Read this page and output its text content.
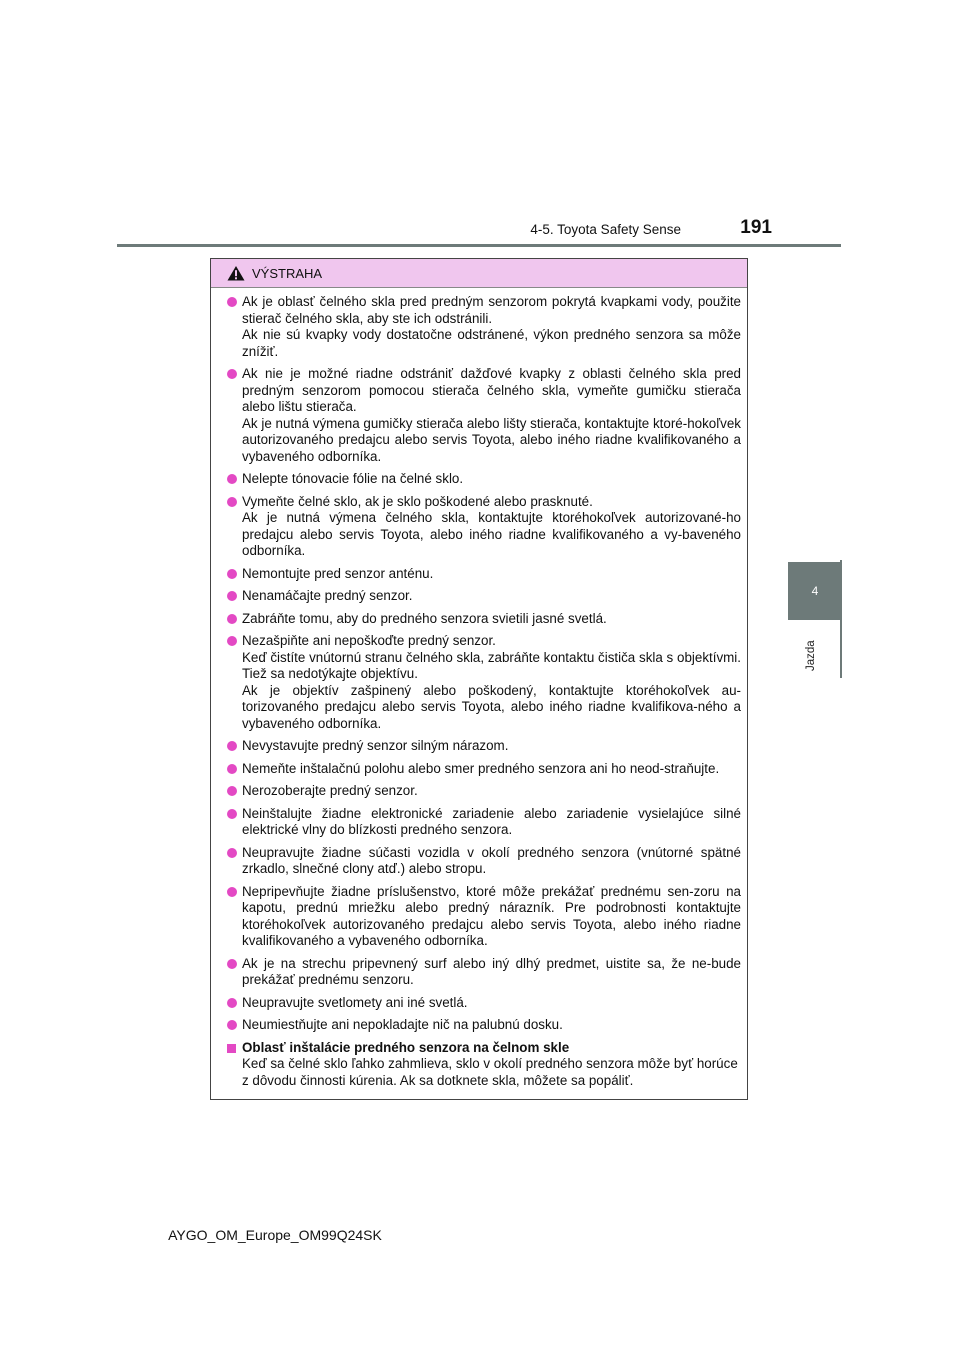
4-5. Toyota Safety Sense	191
4
Jazda
VÝSTRAHA

Ak je oblasť čelného skla pred predným senzorom pokrytá kvapkami vody, použite stierač čelného skla, aby ste ich odstránili.

Ak nie sú kvapky vody dostatočne odstránené, výkon predného senzora sa môže znížiť.

Ak nie je možné riadne odstrániť dažďové kvapky z oblasti čelného skla pred predným senzorom pomocou stierača čelného skla, vymeňte gumičku stierača alebo lištu stierača.

Ak je nutná výmena gumičky stierača alebo lišty stierača, kontaktujte ktoré-hokoľvek autorizovaného predajcu alebo servis Toyota, alebo iného riadne kvalifikovaného a vybaveného odborníka.

Nelepte tónovacie fólie na čelné sklo.

Vymeňte čelné sklo, ak je sklo poškodené alebo prasknuté.

Ak je nutná výmena čelného skla, kontaktujte ktoréhokoľvek autorizované-ho predajcu alebo servis Toyota, alebo iného riadne kvalifikovaného a vy-baveného odborníka.

Nemontujte pred senzor anténu.

Nenamáčajte predný senzor.

Zabráňte tomu, aby do predného senzora svietili jasné svetlá.

Nezašpiňte ani nepoškoďte predný senzor.

Keď čistíte vnútornú stranu čelného skla, zabráňte kontaktu čističa skla s objektívmi. Tiež sa nedotýkajte objektívu.

Ak je objektív zašpinený alebo poškodený, kontaktujte ktoréhokoľvek au-torizovaného predajcu alebo servis Toyota, alebo iného riadne kvalifikova-ného a vybaveného odborníka.

Nevystavujte predný senzor silným nárazom.

Nemeňte inštalačnú polohu alebo smer predného senzora ani ho neod-straňujte.

Nerozoberajte predný senzor.

Neinštalujte žiadne elektronické zariadenie alebo zariadenie vysielajúce silné elektrické vlny do blízkosti predného senzora.

Neupravujte žiadne súčasti vozidla v okolí predného senzora (vnútorné spätné zrkadlo, slnečné clony atď.) alebo stropu.

Nepripevňujte žiadne príslušenstvo, ktoré môže prekážať prednému sen-zoru na kapotu, prednú mriežku alebo predný nárazník. Pre podrobnosti kontaktujte ktoréhokoľvek autorizovaného predajcu alebo servis Toyota, alebo iného riadne kvalifikovaného a vybaveného odborníka.

Ak je na strechu pripevnený surf alebo iný dlhý predmet, uistite sa, že ne-bude prekážať prednému senzoru.

Neupravujte svetlomety ani iné svetlá.

Neumiestňujte ani nepokladajte nič na palubnú dosku.

Oblasť inštalácie predného senzora na čelnom skle

Keď sa čelné sklo ľahko zahmlieva, sklo v okolí predného senzora môže byť horúce z dôvodu činnosti kúrenia. Ak sa dotknete skla, môžete sa popáliť.

AYGO_OM_Europe_OM99Q24SK
